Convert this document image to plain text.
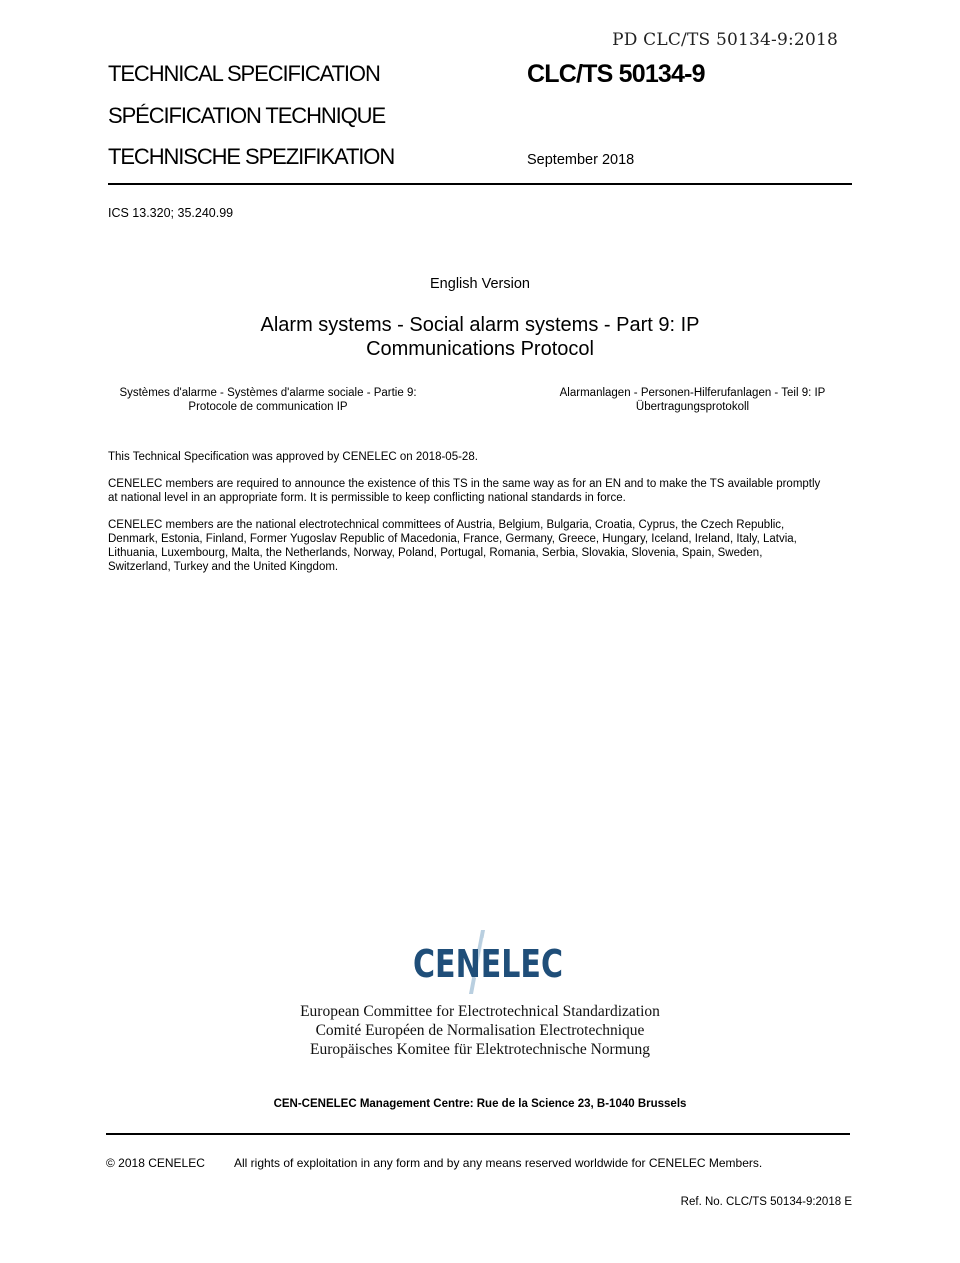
PD CLC/TS 50134-9:2018
TECHNICAL SPECIFICATION
SPÉCIFICATION TECHNIQUE
TECHNISCHE SPEZIFIKATION
CLC/TS 50134-9
September 2018
ICS 13.320; 35.240.99
English Version
Alarm systems - Social alarm systems - Part 9: IP
Communications Protocol
Systèmes d'alarme - Systèmes d'alarme sociale - Partie 9:
Protocole de communication IP
Alarmanlagen - Personen-Hilferufanlagen - Teil 9: IP
Übertragungsprotokoll
This Technical Specification was approved by CENELEC on 2018-05-28.
CENELEC members are required to announce the existence of this TS in the same way as for an EN and to make the TS available promptly
at national level in an appropriate form. It is permissible to keep conflicting national standards in force.
CENELEC members are the national electrotechnical committees of Austria, Belgium, Bulgaria, Croatia, Cyprus, the Czech Republic,
Denmark, Estonia, Finland, Former Yugoslav Republic of Macedonia, France, Germany, Greece, Hungary, Iceland, Ireland, Italy, Latvia,
Lithuania, Luxembourg, Malta, the Netherlands, Norway, Poland, Portugal, Romania, Serbia, Slovakia, Slovenia, Spain, Sweden,
Switzerland, Turkey and the United Kingdom.
CENELEC
European Committee for Electrotechnical Standardization
Comité Européen de Normalisation Electrotechnique
Europäisches Komitee für Elektrotechnische Normung
CEN-CENELEC Management Centre: Rue de la Science 23, B-1040 Brussels
© 2018 CENELEC All rights of exploitation in any form and by any means reserved worldwide for CENELEC Members.
Ref. No. CLC/TS 50134-9:2018 E
